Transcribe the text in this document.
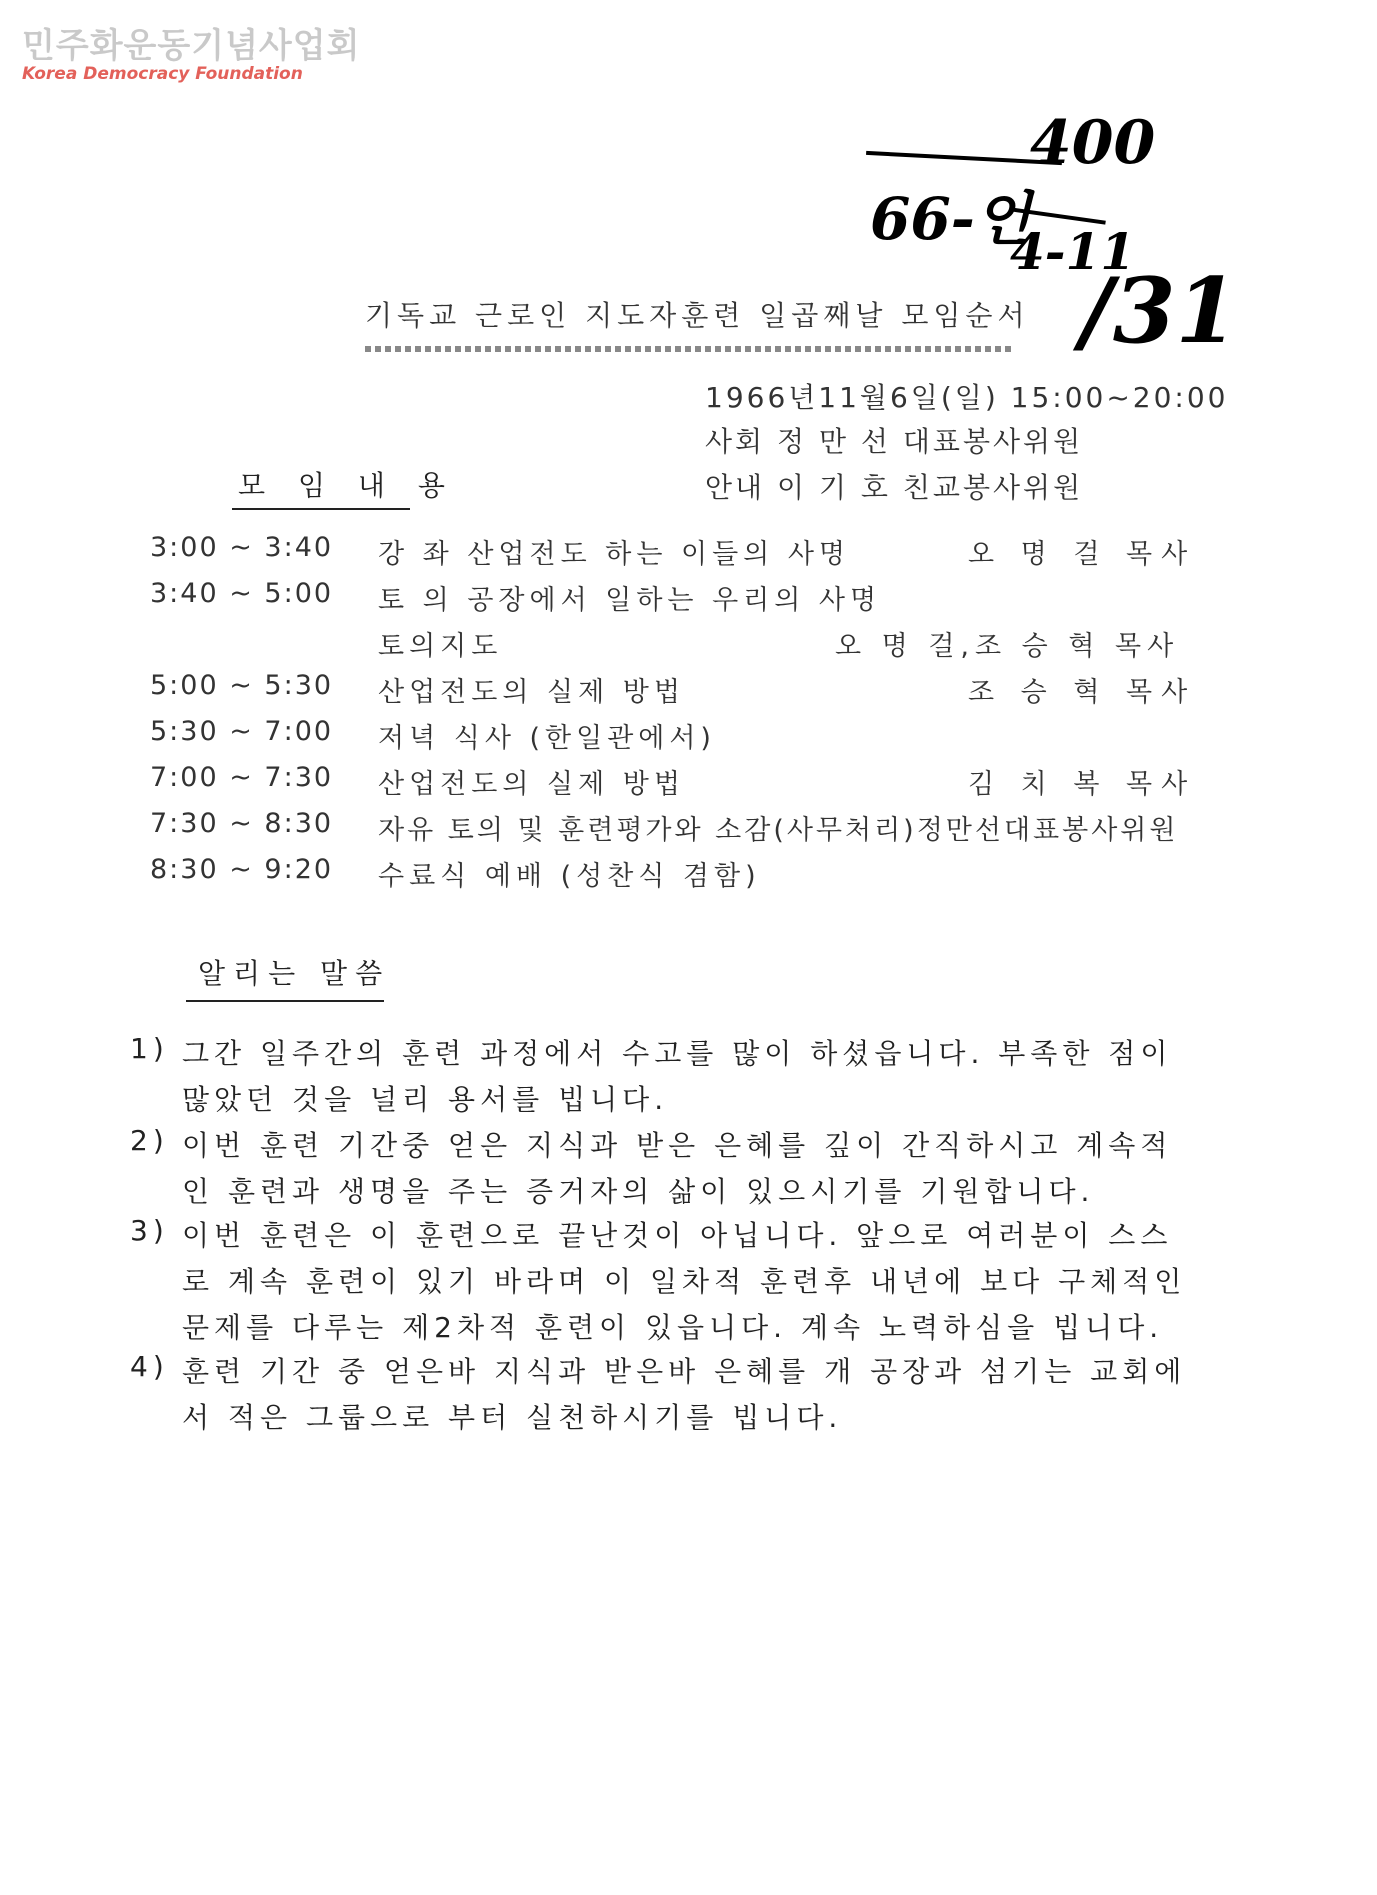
민주화운동기념사업회
Korea Democracy Foundation
400
66-인
4-11
/31
기독교 근로인 지도자훈련 일곱째날 모임순서
1966년11월6일(일) 15:00~20:00
사회 정 만 선 대표봉사위원
안내 이 기 호 친교봉사위원
모 임 내 용
3:00 ~ 3:40 강 좌 산업전도 하는 이들의 사명	오 명 걸 목사
3:40 ~ 5:00 토 의 공장에서 일하는 우리의 사명
토의지도	오 명 걸,조 승 혁 목사
5:00 ~ 5:30 산업전도의 실제 방법	조 승 혁 목사
5:30 ~ 7:00 저녁 식사 (한일관에서)
7:00 ~ 7:30 산업전도의 실제 방법	김 치 복 목사
7:30 ~ 8:30 자유 토의 및 훈련평가와 소감(사무처리)정만선대표봉사위원
8:30 ~ 9:20 수료식 예배 (성찬식 겸함)
알리는 말씀
1) 그간 일주간의 훈련 과정에서 수고를 많이 하셨읍니다. 부족한 점이
많았던 것을 널리 용서를 빕니다.
2) 이번 훈련 기간중 얻은 지식과 받은 은혜를 깊이 간직하시고 계속적
인 훈련과 생명을 주는 증거자의 삶이 있으시기를 기원합니다.
3) 이번 훈련은 이 훈련으로 끝난것이 아닙니다. 앞으로 여러분이 스스
로 계속 훈련이 있기 바라며 이 일차적 훈련후 내년에 보다 구체적인
문제를 다루는 제2차적 훈련이 있읍니다. 계속 노력하심을 빕니다.
4) 훈련 기간 중 얻은바 지식과 받은바 은혜를 개 공장과 섬기는 교회에
서 적은 그룹으로 부터 실천하시기를 빕니다.
